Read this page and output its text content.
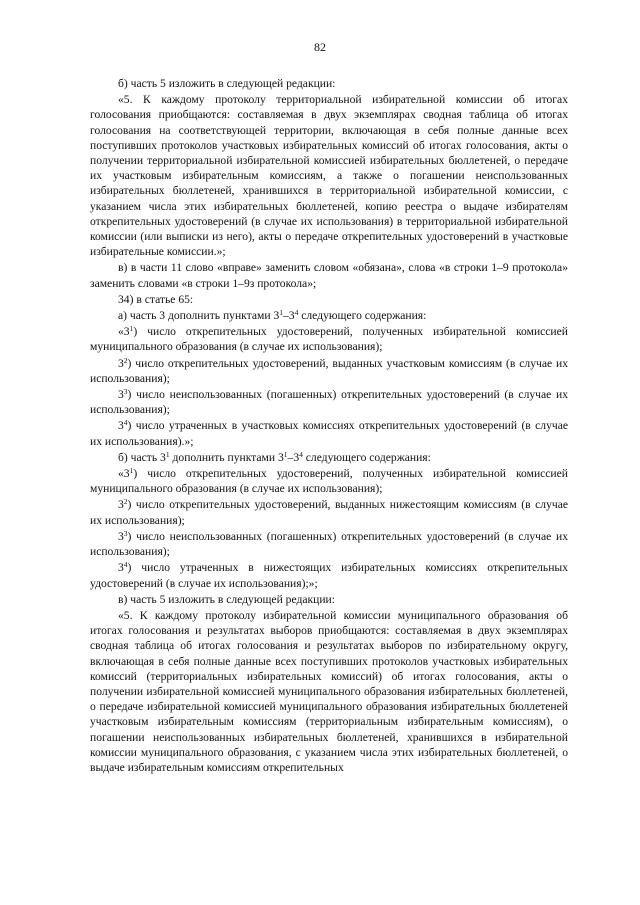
82

б) часть 5 изложить в следующей редакции:

«5. К каждому протоколу территориальной избирательной комиссии об итогах голосования приобщаются: составляемая в двух экземплярах сводная таблица об итогах голосования на соответствующей территории, включающая в себя полные данные всех поступивших протоколов участковых избирательных комиссий об итогах голосования, акты о получении территориальной избирательной комиссией избирательных бюллетеней, о передаче их участковым избирательным комиссиям, а также о погашении неиспользованных избирательных бюллетеней, хранившихся в территориальной избирательной комиссии, с указанием числа этих избирательных бюллетеней, копию реестра о выдаче избирателям открепительных удостоверений (в случае их использования) в территориальной избирательной комиссии (или выписки из него), акты о передаче открепительных удостоверений в участковые избирательные комиссии.»;

в) в части 11 слово «вправе» заменить словом «обязана», слова «в строки 1–9 протокола» заменить словами «в строки 1–9з протокола»;

34) в статье 65:

а) часть 3 дополнить пунктами $3^1-3^4$ следующего содержания:

«$3^1$) число открепительных удостоверений, полученных избирательной комиссией муниципального образования (в случае их использования);

$3^2$) число открепительных удостоверений, выданных участковым комиссиям (в случае их использования);

$3^3$) число неиспользованных (погашенных) открепительных удостоверений (в случае их использования);

$3^4$) число утраченных в участковых комиссиях открепительных удостоверений (в случае их использования).»;

б) часть $3^1$ дополнить пунктами $3^1-3^4$ следующего содержания:

«$3^1$) число открепительных удостоверений, полученных избирательной комиссией муниципального образования (в случае их использования);

$3^2$) число открепительных удостоверений, выданных нижестоящим комиссиям (в случае их использования);

$3^3$) число неиспользованных (погашенных) открепительных удостоверений (в случае их использования);

$3^4$) число утраченных в нижестоящих избирательных комиссиях открепительных удостоверений (в случае их использования);»;

в) часть 5 изложить в следующей редакции:

«5. К каждому протоколу избирательной комиссии муниципального образования об итогах голосования и результатах выборов приобщаются: составляемая в двух экземплярах сводная таблица об итогах голосования и результатах выборов по избирательному округу, включающая в себя полные данные всех поступивших протоколов участковых избирательных комиссий (территориальных избирательных комиссий) об итогах голосования, акты о получении избирательной комиссией муниципального образования избирательных бюллетеней, о передаче избирательной комиссией муниципального образования избирательных бюллетеней участковым избирательным комиссиям (территориальным избирательным комиссиям), о погашении неиспользованных избирательных бюллетеней, хранившихся в избирательной комиссии муниципального образования, с указанием числа этих избирательных бюллетеней, о выдаче избирательным комиссиям открепительных
